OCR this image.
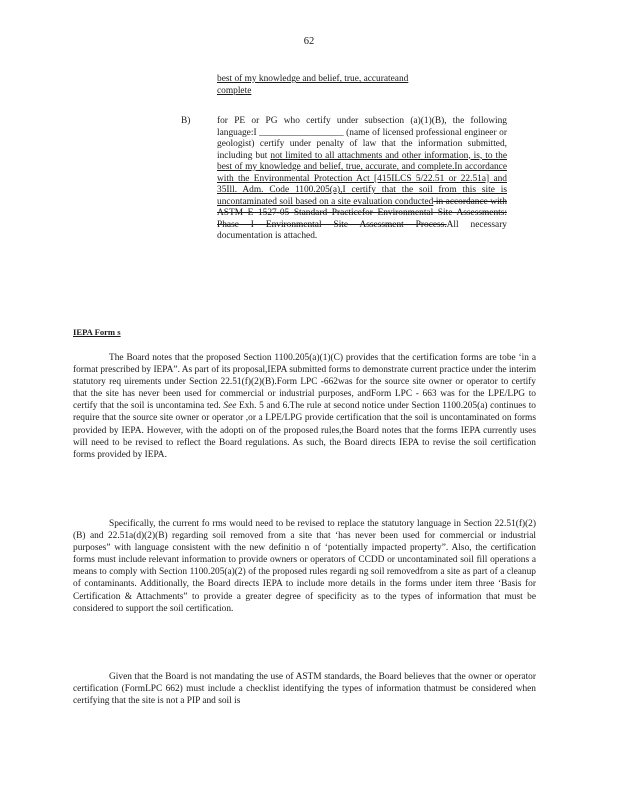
62
best of my knowledge and belief, true, accurateand
complete
B)	for PE or PG who certify under subsection (a)(1)(B), the following language:I __________________ (name of licensed professional engineer or geologist) certify under penalty of law that the information submitted, including but not limited to all attachments and other information, is, to the best of my knowledge and belief, true, accurate, and complete.In accordance with the Environmental Protection Act [415ILCS 5/22.51 or 22.51a] and 35Ill. Adm. Code 1100.205(a),I certify that the soil from this site is uncontaminated soil based on a site evaluation conducted in accordance with ASTM E 1527-05 Standard Practicefor Environmental Site Assessments: Phase I Environmental Site Assessment Process.All necessary documentation is attached.
IEPA Form s

The Board notes that the proposed Section 1100.205(a)(1)(C) provides that the certification forms are tobe ‘in a format prescribed by IEPA”. As part of its proposal,IEPA submitted forms to demonstrate current practice under the interim statutory req uirements under Section 22.51(f)(2)(B).Form LPC -662was for the source site owner or operator to certify that the site has never been used for commercial or industrial purposes, andForm LPC - 663 was for the LPE/LPG to certify that the soil is uncontamina ted. See Exh. 5 and 6.The rule at second notice under Section 1100.205(a) continues to require that the source site owner or operator ,or a LPE/LPG provide certification that the soil is uncontaminated on forms provided by IEPA. However, with the adopti on of the proposed rules,the Board notes that the forms IEPA currently uses will need to be revised to reflect the Board regulations. As such, the Board directs IEPA to revise the soil certification forms provided by IEPA.

Specifically, the current fo rms would need to be revised to replace the statutory language in Section 22.51(f)(2)(B) and 22.51a(d)(2)(B) regarding soil removed from a site that ‘has never been used for commercial or industrial purposes” with language consistent with the new definitio n of ‘potentially impacted property”. Also, the certification forms must include relevant information to provide owners or operators of CCDD or uncontaminated soil fill operations a means to comply with Section 1100.205(a)(2) of the proposed rules regardi ng soil removedfrom a site as part of a cleanup of contaminants. Additionally, the Board directs IEPA to include more details in the forms under item three ‘Basis for Certification & Attachments” to provide a greater degree of specificity as to the types of information that must be considered to support the soil certification.

Given that the Board is not mandating the use of ASTM standards, the Board believes that the owner or operator certification (FormLPC 662) must include a checklist identifying the types of information thatmust be considered when certifying that the site is not a PIP and soil is
